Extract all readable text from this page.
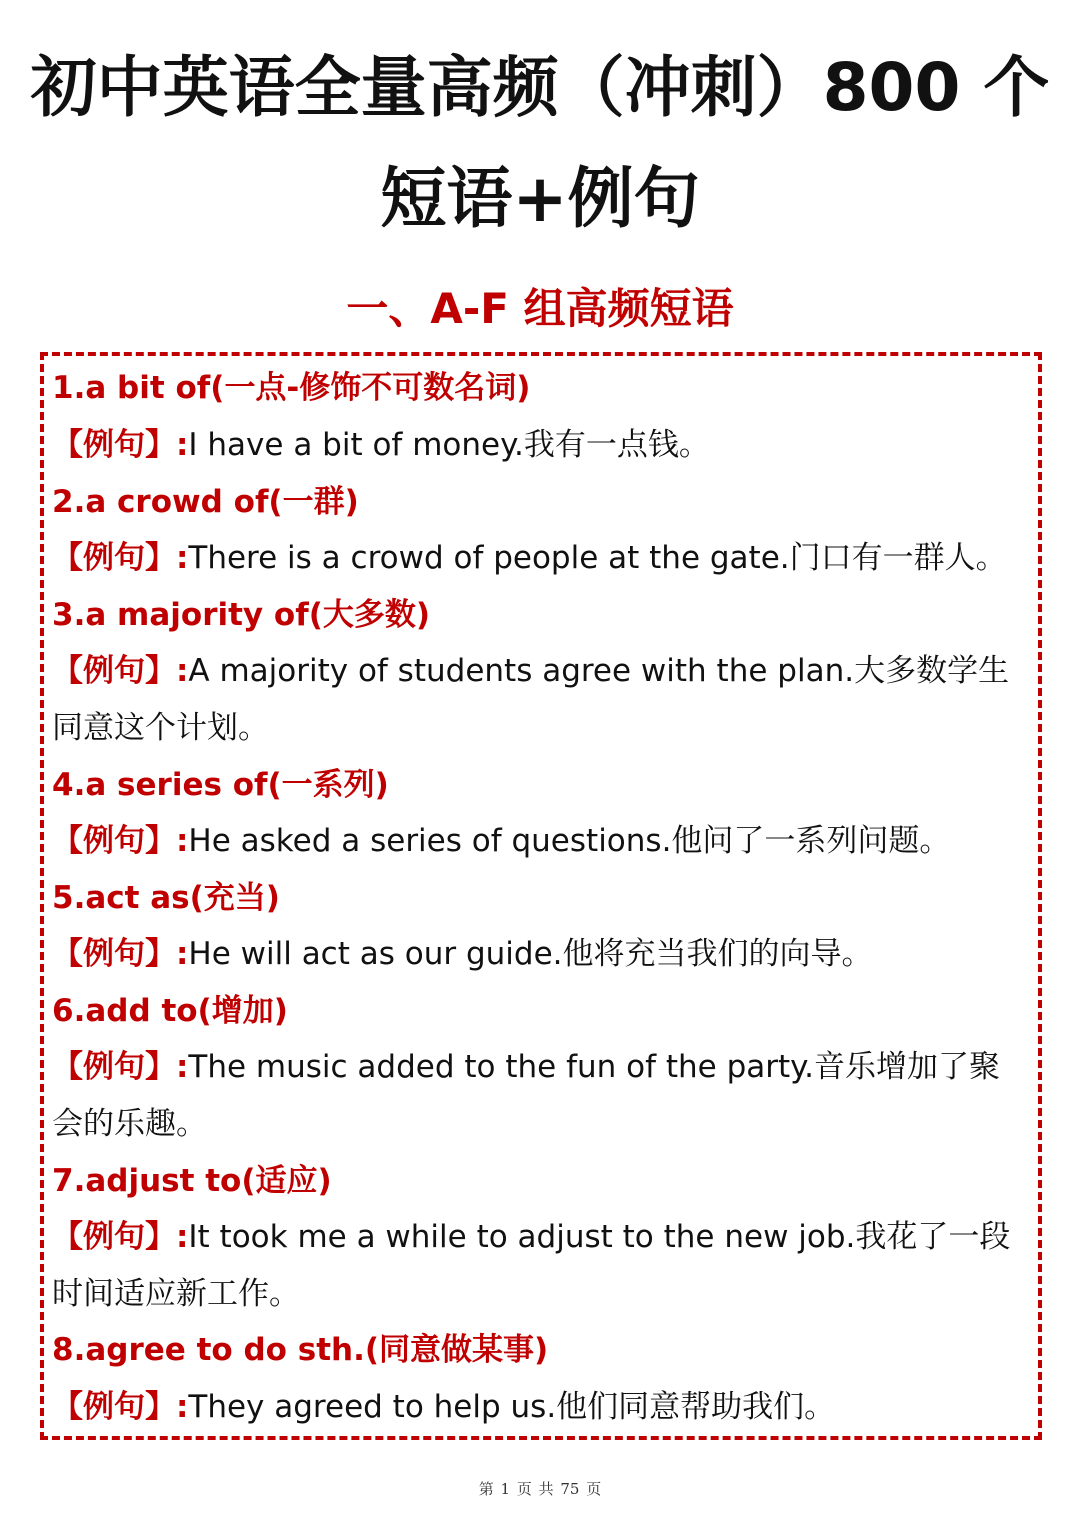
初中英语全量高频（冲刺）800 个
短语+例句
一、A-F 组高频短语
1.a bit of(一点-修饰不可数名词)
【例句】:I have a bit of money.我有一点钱。
2.a crowd of(一群)
【例句】:There is a crowd of people at the gate.门口有一群人。
3.a majority of(大多数)
【例句】:A majority of students agree with the plan.大多数学生
同意这个计划。
4.a series of(一系列)
【例句】:He asked a series of questions.他问了一系列问题。
5.act as(充当)
【例句】:He will act as our guide.他将充当我们的向导。
6.add to(增加)
【例句】:The music added to the fun of the party.音乐增加了聚
会的乐趣。
7.adjust to(适应)
【例句】:It took me a while to adjust to the new job.我花了一段
时间适应新工作。
8.agree to do sth.(同意做某事)
【例句】:They agreed to help us.他们同意帮助我们。
第 1 页 共 75 页
